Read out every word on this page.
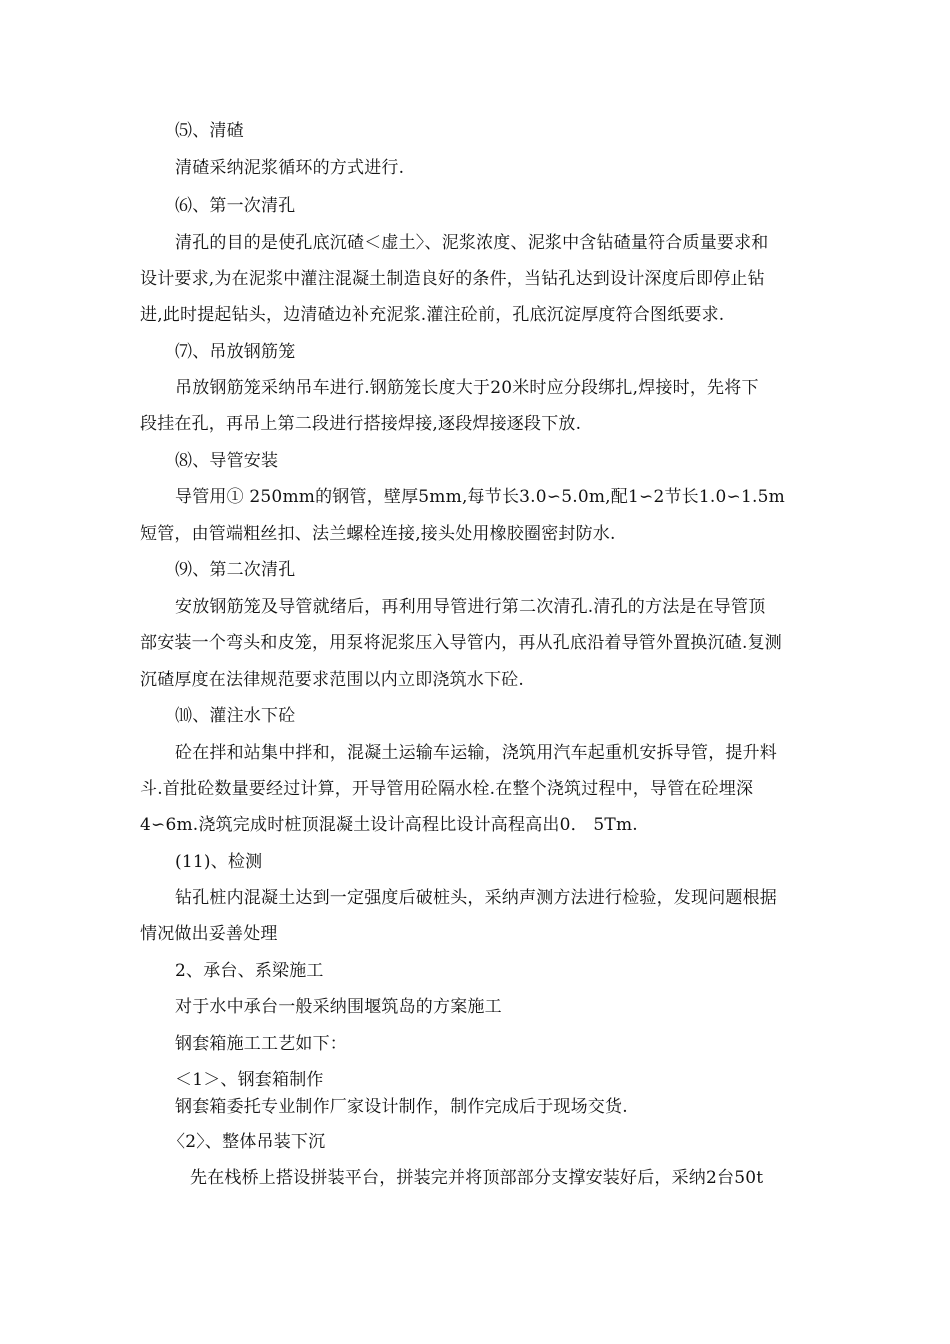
⑸、清碴
清碴采纳泥浆循环的方式进行.
⑹、第一次清孔
清孔的目的是使孔底沉碴＜虚土〉、泥浆浓度、泥浆中含钻碴量符合质量要求和
设计要求,为在泥浆中灌注混凝土制造良好的条件，当钻孔达到设计深度后即停止钻
进,此时提起钻头，边清碴边补充泥浆.灌注砼前，孔底沉淀厚度符合图纸要求.
⑺、吊放钢筋笼
吊放钢筋笼采纳吊车进行.钢筋笼长度大于20米时应分段绑扎,焊接时，先将下
段挂在孔，再吊上第二段进行搭接焊接,逐段焊接逐段下放.
⑻、导管安装
导管用① 250mm的钢管，壁厚5mm,每节长3.0∽5.0m,配1∽2节长1.0∽1.5m
短管，由管端粗丝扣、法兰螺栓连接,接头处用橡胶圈密封防水.
⑼、第二次清孔
安放钢筋笼及导管就绪后，再利用导管进行第二次清孔.清孔的方法是在导管顶
部安装一个弯头和皮笼，用泵将泥浆压入导管内，再从孔底沿着导管外置换沉碴.复测
沉碴厚度在法律规范要求范围以内立即浇筑水下砼.
⑽、灌注水下砼
砼在拌和站集中拌和，混凝土运输车运输，浇筑用汽车起重机安拆导管，提升料
斗.首批砼数量要经过计算，开导管用砼隔水栓.在整个浇筑过程中，导管在砼埋深
4∽6m.浇筑完成时桩顶混凝土设计高程比设计高程高出0． 5Tm.
(11)、检测
钻孔桩内混凝土达到一定强度后破桩头，采纳声测方法进行检验，发现问题根据
情况做出妥善处理
2、承台、系梁施工
对于水中承台一般采纳围堰筑岛的方案施工
钢套箱施工工艺如下：
＜1＞、钢套箱制作
钢套箱委托专业制作厂家设计制作，制作完成后于现场交货.
〈2〉、整体吊装下沉
先在栈桥上搭设拼装平台，拼装完并将顶部部分支撑安装好后，采纳2台50t
